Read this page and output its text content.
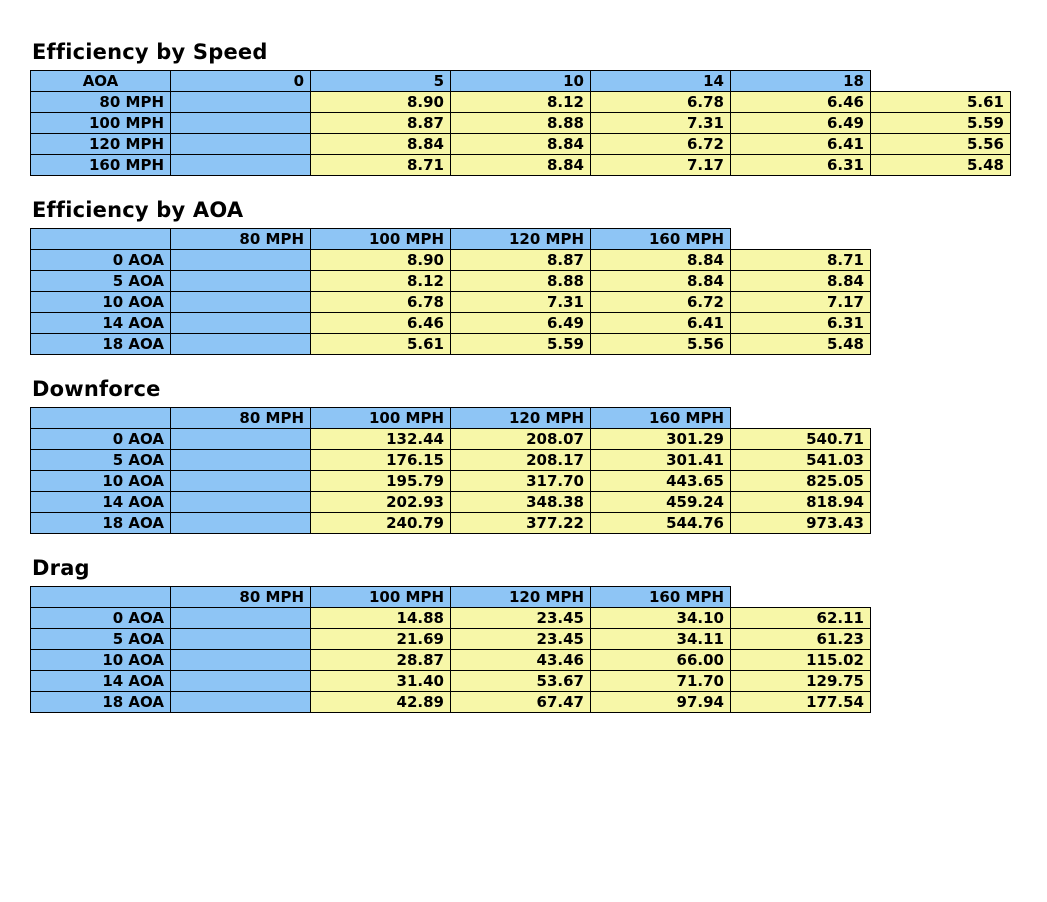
Efficiency by Speed
AOA	0	5	10	14	18	
80 MPH		8.90	8.12	6.78	6.46	5.61
100 MPH		8.87	8.88	7.31	6.49	5.59
120 MPH		8.84	8.84	6.72	6.41	5.56
160 MPH		8.71	8.84	7.17	6.31	5.48
Efficiency by AOA
	80 MPH	100 MPH	120 MPH	160 MPH	
0 AOA		8.90	8.87	8.84	8.71
5 AOA		8.12	8.88	8.84	8.84
10 AOA		6.78	7.31	6.72	7.17
14 AOA		6.46	6.49	6.41	6.31
18 AOA		5.61	5.59	5.56	5.48
Downforce
	80 MPH	100 MPH	120 MPH	160 MPH	
0 AOA		132.44	208.07	301.29	540.71
5 AOA		176.15	208.17	301.41	541.03
10 AOA		195.79	317.70	443.65	825.05
14 AOA		202.93	348.38	459.24	818.94
18 AOA		240.79	377.22	544.76	973.43
Drag
	80 MPH	100 MPH	120 MPH	160 MPH	
0 AOA		14.88	23.45	34.10	62.11
5 AOA		21.69	23.45	34.11	61.23
10 AOA		28.87	43.46	66.00	115.02
14 AOA		31.40	53.67	71.70	129.75
18 AOA		42.89	67.47	97.94	177.54
